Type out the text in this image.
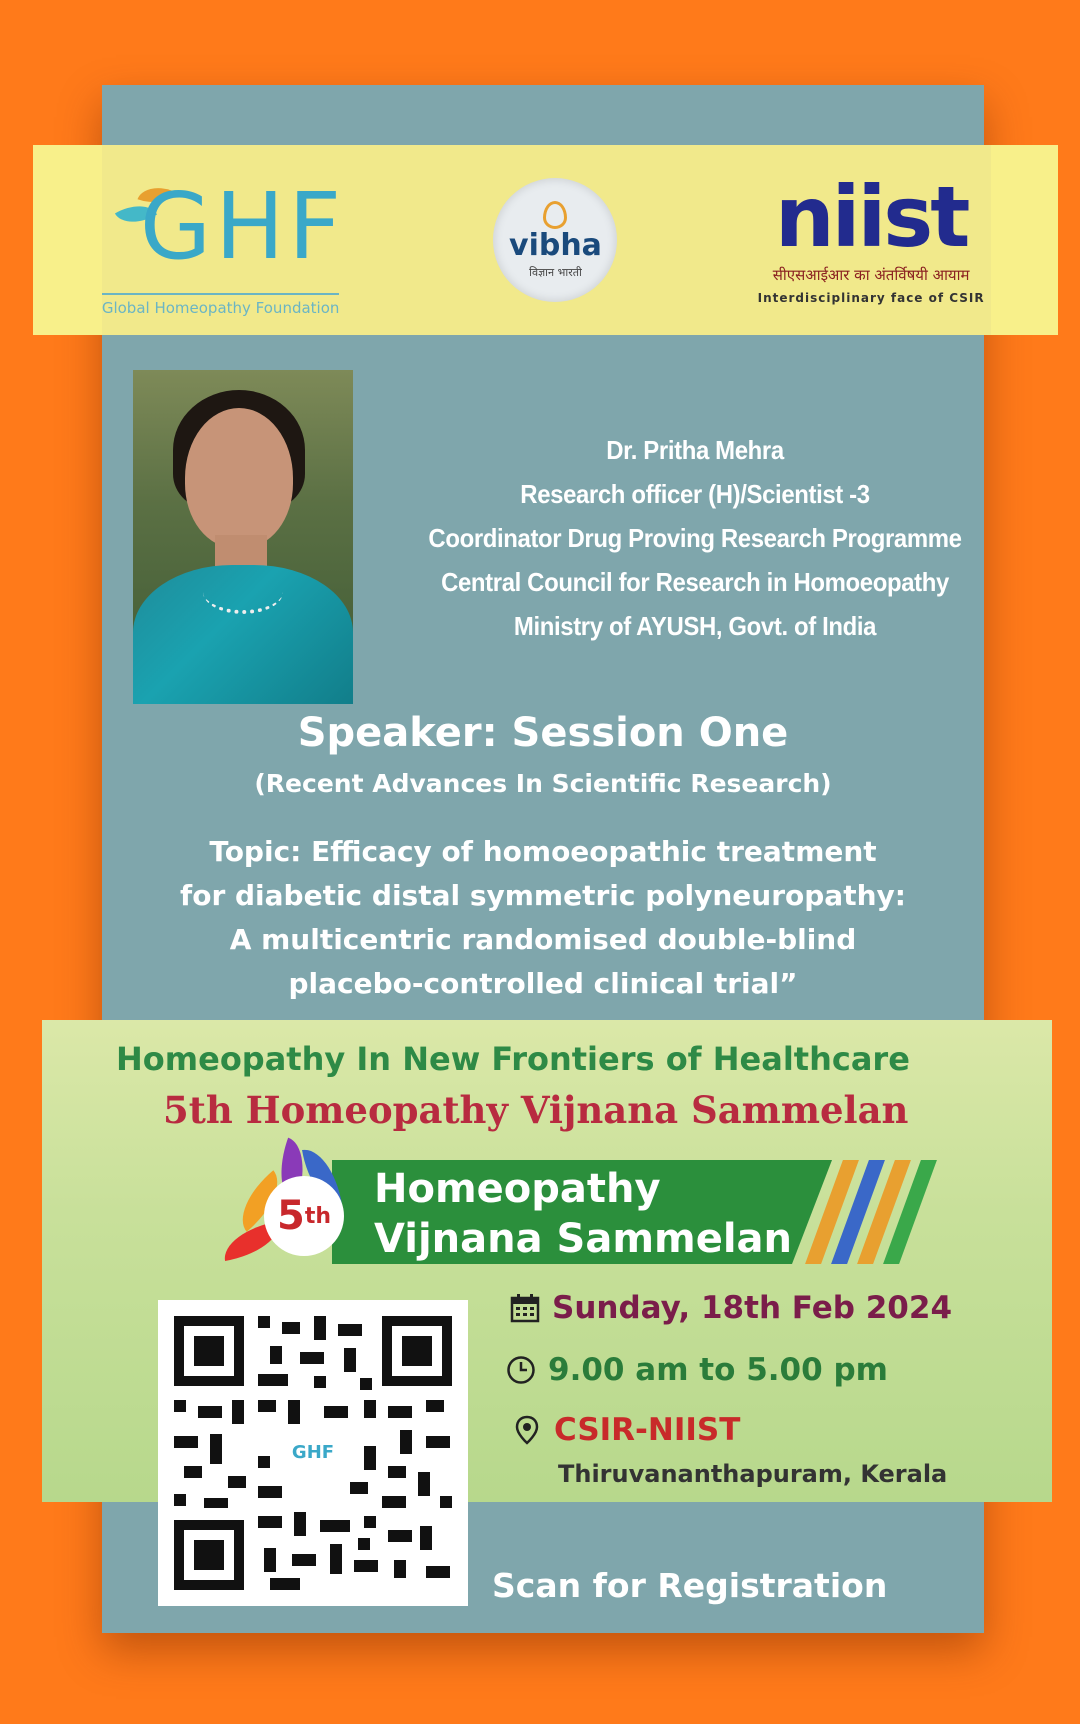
GHF
Global Homeopathy Foundation
vibha
विज्ञान भारती
niist
सीएसआईआर का अंतर्विषयी आयाम
Interdisciplinary face of CSIR
Dr. Pritha Mehra
Research officer (H)/Scientist -3
Coordinator Drug Proving Research Programme
Central Council for Research in Homoeopathy
Ministry of AYUSH, Govt. of India
Speaker: Session One
(Recent Advances In Scientific Research)
Topic: Efficacy of homoeopathic treatment
for diabetic distal symmetric polyneuropathy:
A multicentric randomised double-blind
placebo-controlled clinical trial”
Homeopathy In New Frontiers of Healthcare
5th Homeopathy Vijnana Sammelan
5 th
Homeopathy
Vijnana Sammelan
GHF
Sunday, 18th Feb 2024
9.00 am to 5.00 pm
CSIR-NIIST
Thiruvananthapuram, Kerala
Scan for Registration
